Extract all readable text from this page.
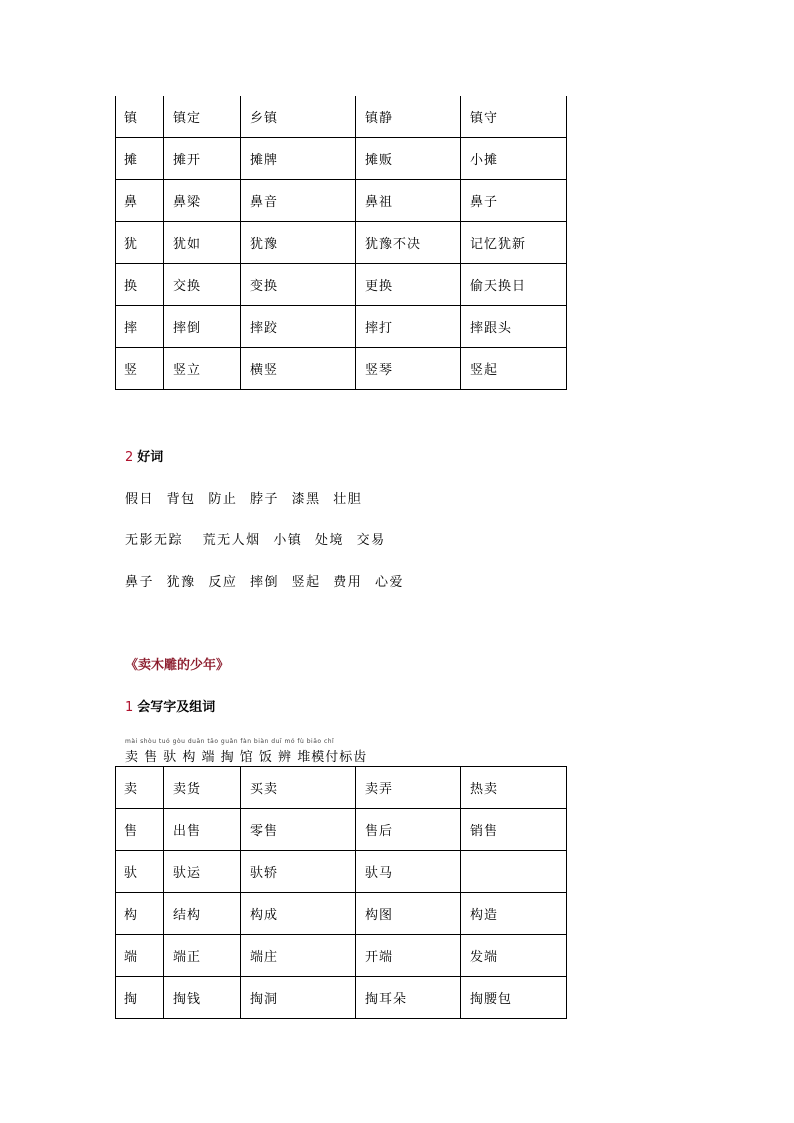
镇	镇定	乡镇	镇静	镇守
摊	摊开	摊牌	摊贩	小摊
鼻	鼻梁	鼻音	鼻祖	鼻子
犹	犹如	犹豫	犹豫不决	记忆犹新
换	交换	变换	更换	偷天换日
摔	摔倒	摔跤	摔打	摔跟头
竖	竖立	横竖	竖琴	竖起
2 好词
假日 背包 防止 脖子 漆黑 壮胆
无影无踪 荒无人烟 小镇 处境 交易
鼻子 犹豫 反应 摔倒 竖起 费用 心爱
《卖木雕的少年》
1 会写字及组词
mài shòu tuó gòu duān tāo guǎn fàn biàn duī mó fù biāo chǐ
卖 售 驮 构 端 掏 馆 饭 辨 堆模付标齿
卖	卖货	买卖	卖弄	热卖
售	出售	零售	售后	销售
驮	驮运	驮轿	驮马	
构	结构	构成	构图	构造
端	端正	端庄	开端	发端
掏	掏钱	掏洞	掏耳朵	掏腰包
